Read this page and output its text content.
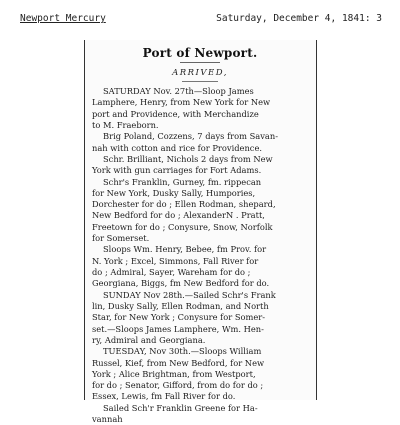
Newport Mercury	Saturday, December 4, 1841: 3
Port of Newport.
ARRIVED,
SATURDAY Nov. 27th—Sloop James
Lamphere, Henry, from New York for New
port and Providence, with Merchandize
to M. Fraeborn.
Brig Poland, Cozzens, 7 days from Savan-
nah with cotton and rice for Providence.
Schr. Brilliant, Nichols 2 days from New
York with gun carriages for Fort Adams.
Schr's Franklin, Gurney, fm. rippecan
for New York, Dusky Sally, Humpories,
Dorchester for do ; Ellen Rodman, shepard,
New Bedford for do ; AlexanderN . Pratt,
Freetown for do ; Conysure, Snow, Norfolk
for Somerset.
Sloops Wm. Henry, Bebee, fm Prov. for
N. York ; Excel, Simmons, Fall River for
do ; Admiral, Sayer, Wareham for do ;
Georgiana, Biggs, fm New Bedford for do.
SUNDAY Nov 28th.—Sailed Schr's Frank
lin, Dusky Sally, Ellen Rodman, and North
Star, for New York ; Conysure for Somer-
set.—Sloops James Lamphere, Wm. Hen-
ry, Admiral and Georgiana.
TUESDAY, Nov 30th.—Sloops William
Russel, Kief, from New Bedford, for New
York ; Alice Brightman, from Westport,
for do ; Senator, Gifford, from do for do ;
Essex, Lewis, fm Fall River for do.
Sailed Sch'r Franklin Greene for Ha-
vannah
